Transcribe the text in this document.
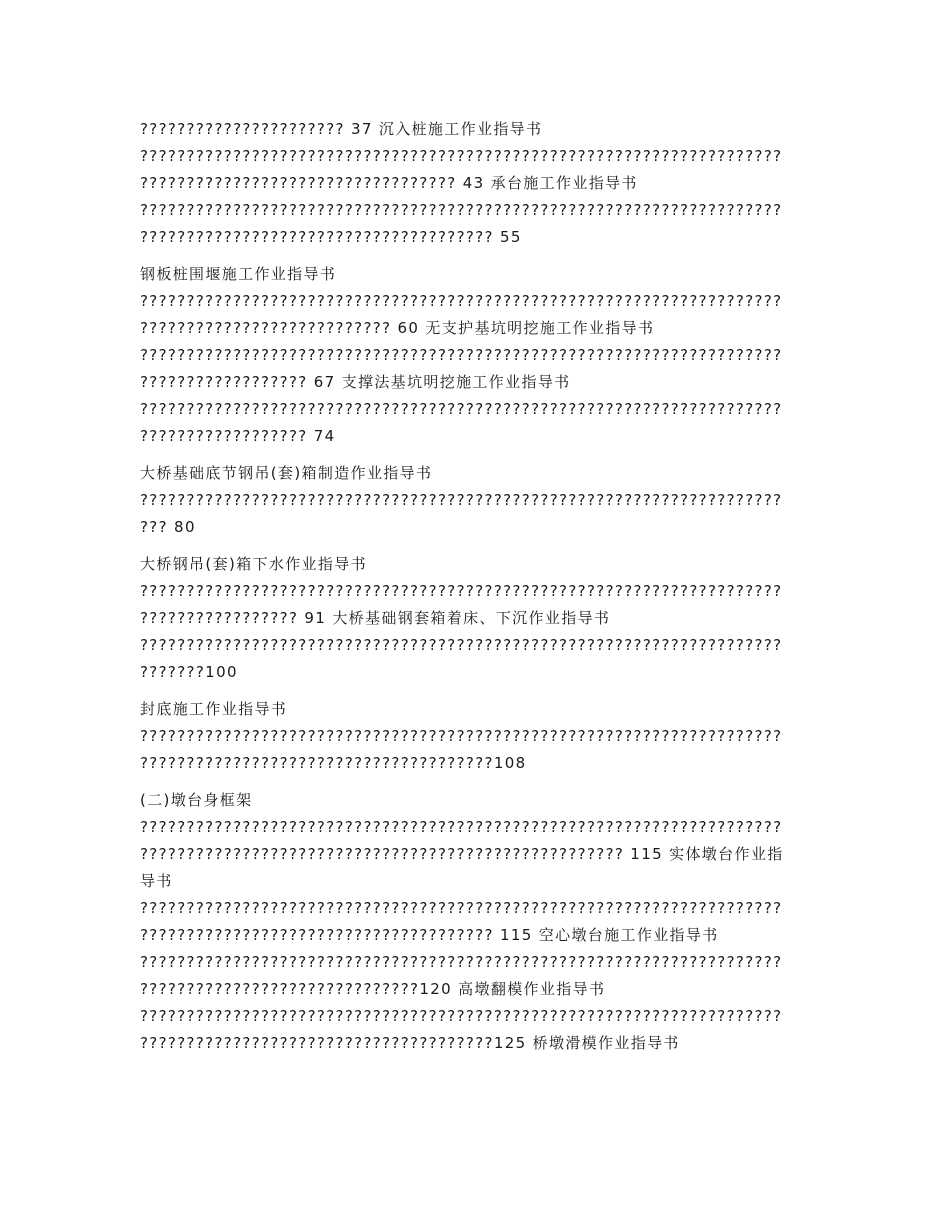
?????????????????????? 37 沉入桩施工作业指导书
?????????????????????????????????????????????????????????????????????
?????????????????????????????????? 43 承台施工作业指导书
?????????????????????????????????????????????????????????????????????
?????????????????????????????????????? 55
钢板桩围堰施工作业指导书
?????????????????????????????????????????????????????????????????????
??????????????????????????? 60 无支护基坑明挖施工作业指导书
?????????????????????????????????????????????????????????????????????
?????????????????? 67 支撑法基坑明挖施工作业指导书
?????????????????????????????????????????????????????????????????????
?????????????????? 74
大桥基础底节钢吊(套)箱制造作业指导书
?????????????????????????????????????????????????????????????????????
??? 80
大桥钢吊(套)箱下水作业指导书
?????????????????????????????????????????????????????????????????????
????????????????? 91 大桥基础钢套箱着床、下沉作业指导书
?????????????????????????????????????????????????????????????????????
???????100
封底施工作业指导书
?????????????????????????????????????????????????????????????????????
??????????????????????????????????????108
(二)墩台身框架
?????????????????????????????????????????????????????????????????????
???????????????????????????????????????????????????? 115 实体墩台作业指
导书
?????????????????????????????????????????????????????????????????????
?????????????????????????????????????? 115 空心墩台施工作业指导书
?????????????????????????????????????????????????????????????????????
??????????????????????????????120 高墩翻模作业指导书
?????????????????????????????????????????????????????????????????????
??????????????????????????????????????125 桥墩滑模作业指导书
